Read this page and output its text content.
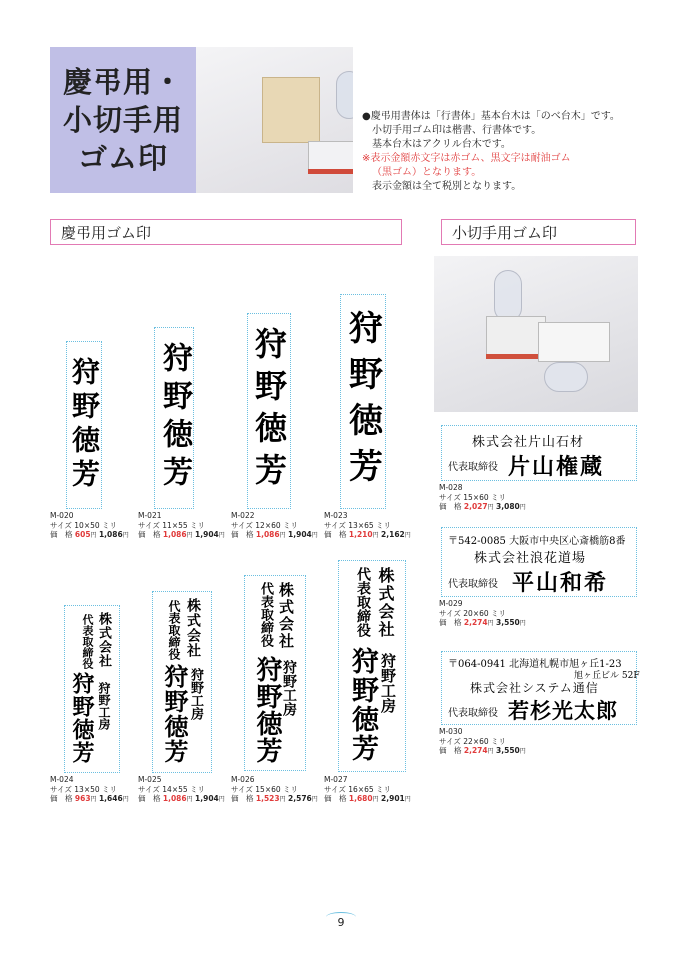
慶弔用・
小切手用
ゴム印

●慶弔用書体は「行書体」基本台木は「のべ台木」です。

小切手用ゴム印は楷書、行書体です。

基本台木はアクリル台木です。

※表示金額赤文字は赤ゴム、黒文字は耐油ゴム

（黒ゴム）となります。

表示金額は全て税別となります。

慶弔用ゴム印	小切手用ゴム印
狩野徳芳 狩野徳芳 狩野徳芳 狩野徳芳
M-020
サイズ 10×50 ミリ
価　格 605円 1,086円
M-021
サイズ 11×55 ミリ
価　格 1,086円 1,904円
M-022
サイズ 12×60 ミリ
価　格 1,086円 1,904円
M-023
サイズ 13×65 ミリ
価　格 1,210円 2,162円
株式会社
代表取締役
狩野工房
狩野徳芳
株式会社
代表取締役
狩野工房
狩野徳芳
株式会社
代表取締役
狩野工房
狩野徳芳
株式会社
代表取締役
狩野工房
狩野徳芳
M-024
サイズ 13×50 ミリ
価　格 963円 1,646円
M-025
サイズ 14×55 ミリ
価　格 1,086円 1,904円
M-026
サイズ 15×60 ミリ
価　格 1,523円 2,576円
M-027
サイズ 16×65 ミリ
価　格 1,680円 2,901円
株式会社片山石材
代表取締役 片山権蔵
M-028
サイズ 15×60 ミリ
価　格 2,027円 3,080円
〒542-0085 大阪市中央区心斎橋筋8番
株式会社浪花道場
代表取締役 平山和希
M-029
サイズ 20×60 ミリ
価　格 2,274円 3,550円
〒064-0941 北海道札幌市旭ヶ丘1-23
旭ヶ丘ビル 52F
株式会社システム通信
代表取締役 若杉光太郎
M-030
サイズ 22×60 ミリ
価　格 2,274円 3,550円
9
